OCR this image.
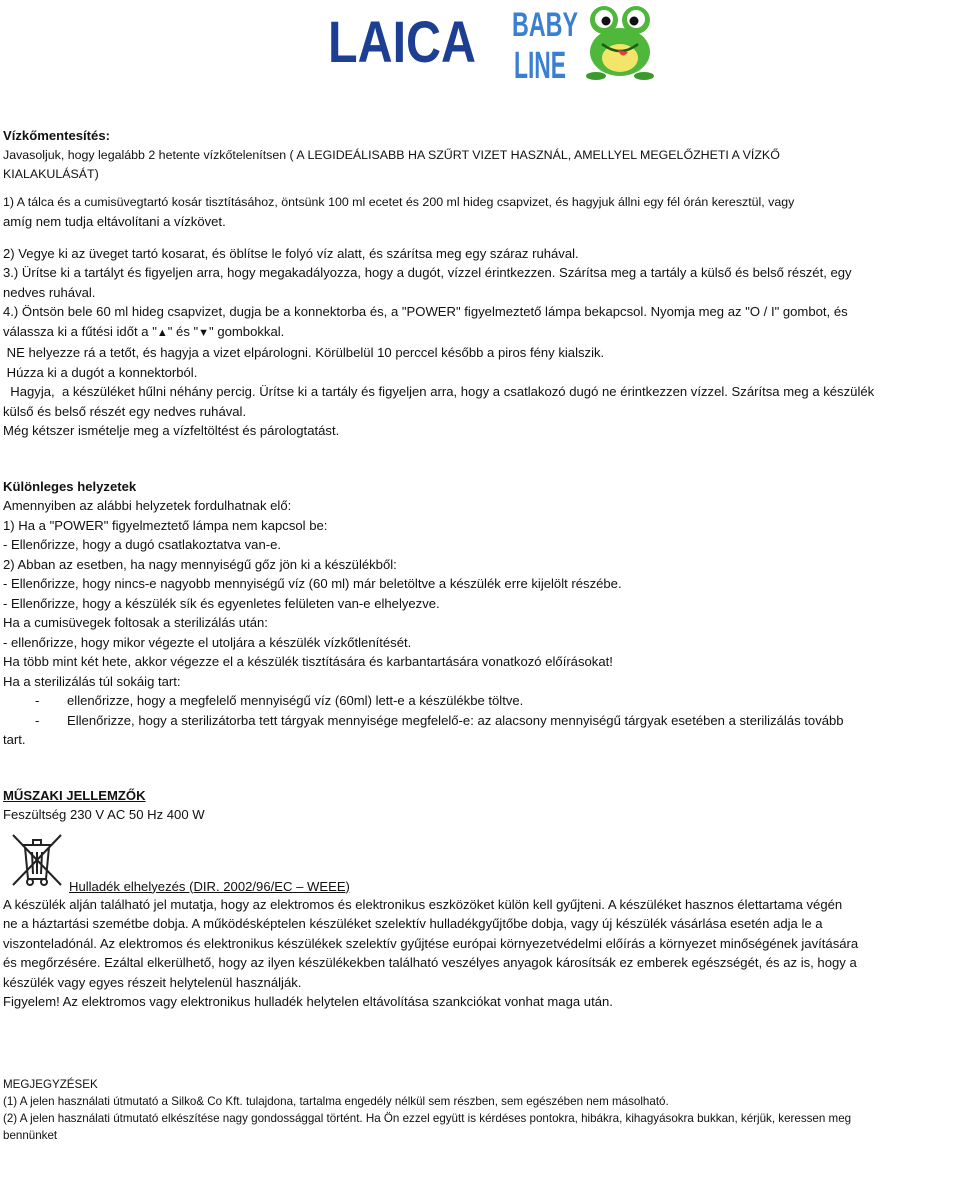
LAICA BABY
LINE

Vízkőmentesítés:

Javasoljuk, hogy legalább 2 hetente vízkőtelenítsen ( A LEGIDEÁLISABB HA SZŰRT VIZET HASZNÁL, AMELLYEL MEGELŐZHETI A VÍZKŐ

KIALAKULÁSÁT)

1) A tálca és a cumisüvegtartó kosár tisztításához, öntsünk 100 ml ecetet és 200 ml hideg csapvizet, és hagyjuk állni egy fél órán keresztül, vagy

amíg nem tudja eltávolítani a vízkövet.

2) Vegye ki az üveget tartó kosarat, és öblítse le folyó víz alatt, és szárítsa meg egy száraz ruhával.

3.) Ürítse ki a tartályt és figyeljen arra, hogy megakadályozza, hogy a dugót, vízzel érintkezzen. Szárítsa meg a tartály a külső és belső részét, egy

nedves ruhával.

4.) Öntsön bele 60 ml hideg csapvizet, dugja be a konnektorba és, a "POWER" figyelmeztető lámpa bekapcsol. Nyomja meg az "O / I" gombot, és

válassza ki a fűtési időt a "▲" és "▼" gombokkal.

NE helyezze rá a tetőt, és hagyja a vizet elpárologni. Körülbelül 10 perccel később a piros fény kialszik.

Húzza ki a dugót a konnektorból.

Hagyja,  a készüléket hűlni néhány percig. Ürítse ki a tartály és figyeljen arra, hogy a csatlakozó dugó ne érintkezzen vízzel. Szárítsa meg a készülék

külső és belső részét egy nedves ruhával.

Még kétszer ismételje meg a vízfeltöltést és párologtatást.

Különleges helyzetek

Amennyiben az alábbi helyzetek fordulhatnak elő:

1) Ha a "POWER" figyelmeztető lámpa nem kapcsol be:

- Ellenőrizze, hogy a dugó csatlakoztatva van-e.

2) Abban az esetben, ha nagy mennyiségű gőz jön ki a készülékből:

- Ellenőrizze, hogy nincs-e nagyobb mennyiségű víz (60 ml) már beletöltve a készülék erre kijelölt részébe.

- Ellenőrizze, hogy a készülék sík és egyenletes felületen van-e elhelyezve.

Ha a cumisüvegek foltosak a sterilizálás után:

- ellenőrizze, hogy mikor végezte el utoljára a készülék vízkőtlenítését.

Ha több mint két hete, akkor végezze el a készülék tisztítására és karbantartására vonatkozó előírásokat!

Ha a sterilizálás túl sokáig tart:

- ellenőrizze, hogy a megfelelő mennyiségű víz (60ml) lett-e a készülékbe töltve.

- Ellenőrizze, hogy a sterilizátorba tett tárgyak mennyisége megfelelő-e: az alacsony mennyiségű tárgyak esetében a sterilizálás tovább

tart.

MŰSZAKI JELLEMZŐK

Feszültség 230 V AC 50 Hz 400 W

Hulladék elhelyezés (DIR. 2002/96/EC – WEEE)

A készülék alján található jel mutatja, hogy az elektromos és elektronikus eszközöket külön kell gyűjteni. A készüléket hasznos élettartama végén

ne a háztartási szemétbe dobja. A működésképtelen készüléket szelektív hulladékgyűjtőbe dobja, vagy új készülék vásárlása esetén adja le a

viszonteladónál. Az elektromos és elektronikus készülékek szelektív gyűjtése európai környezetvédelmi előírás a környezet minőségének javítására

és megőrzésére. Ezáltal elkerülhető, hogy az ilyen készülékekben található veszélyes anyagok károsítsák ez emberek egészségét, és az is, hogy a

készülék vagy egyes részeit helytelenül használják.

Figyelem! Az elektromos vagy elektronikus hulladék helytelen eltávolítása szankciókat vonhat maga után.

MEGJEGYZÉSEK

(1) A jelen használati útmutató a Silko& Co Kft. tulajdona, tartalma engedély nélkül sem részben, sem egészében nem másolható.

(2) A jelen használati útmutató elkészítése nagy gondossággal történt. Ha Ön ezzel együtt is kérdéses pontokra, hibákra, kihagyásokra bukkan, kérjük, keressen meg

bennünket
